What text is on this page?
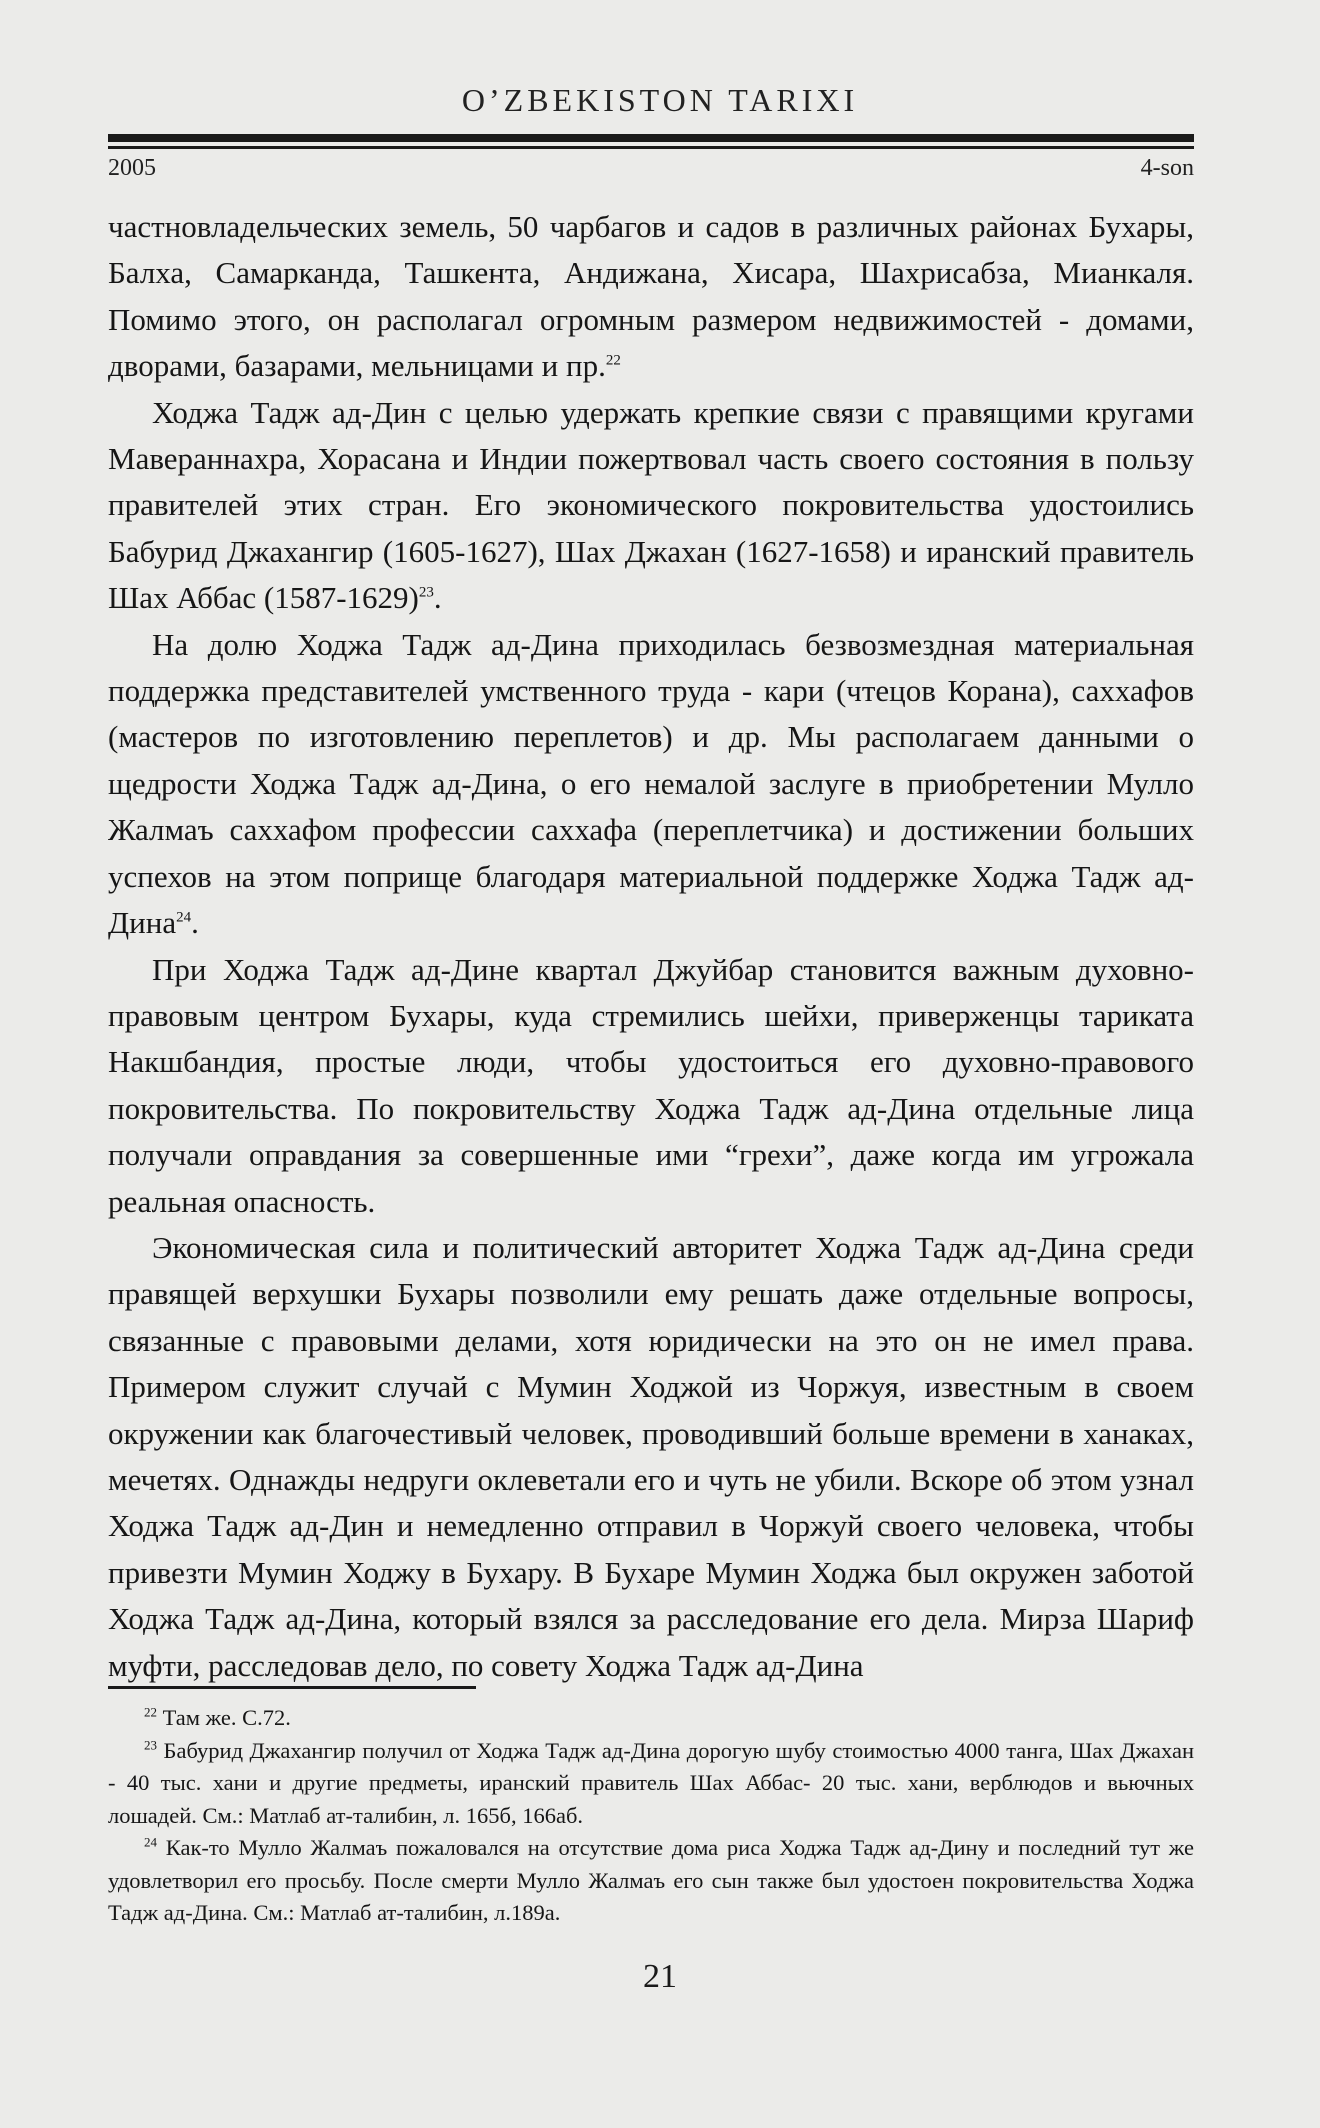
O’ZBEKISTON TARIXI
2005	4-son

частновладельческих земель, 50 чарбагов и садов в различных районах Бухары, Балха, Самарканда, Ташкента, Андижана, Хисара, Шахрисабза, Мианкаля. Помимо этого, он располагал огромным размером недвижимостей - домами, дворами, базарами, мельницами и пр.$^{22}$

Ходжа Тадж ад-Дин с целью удержать крепкие связи с правящими кругами Мавераннахра, Хорасана и Индии пожертвовал часть своего состояния в пользу правителей этих стран. Его экономического покровительства удостоились Бабурид Джахангир (1605-1627), Шах Джахан (1627-1658) и иранский правитель Шах Аббас (1587-1629)$^{23}$.

На долю Ходжа Тадж ад-Дина приходилась безвозмездная материальная поддержка представителей умственного труда - кари (чтецов Корана), саххафов (мастеров по изготовлению переплетов) и др. Мы располагаем данными о щедрости Ходжа Тадж ад-Дина, о его немалой заслуге в приобретении Мулло Жалмаъ саххафом профессии саххафа (переплетчика) и достижении больших успехов на этом поприще благодаря материальной поддержке Ходжа Тадж ад-Дина$^{24}$.

При Ходжа Тадж ад-Дине квартал Джуйбар становится важным духовно-правовым центром Бухары, куда стремились шейхи, приверженцы тариката Накшбандия, простые люди, чтобы удостоиться его духовно-правового покровительства. По покровительству Ходжа Тадж ад-Дина отдельные лица получали оправдания за совершенные ими “грехи”, даже когда им угрожала реальная опасность.

Экономическая сила и политический авторитет Ходжа Тадж ад-Дина среди правящей верхушки Бухары позволили ему решать даже отдельные вопросы, связанные с правовыми делами, хотя юридически на это он не имел права. Примером служит случай с Мумин Ходжой из Чоржуя, известным в своем окружении как благочестивый человек, проводивший больше времени в ханаках, мечетях. Однажды недруги оклеветали его и чуть не убили. Вскоре об этом узнал Ходжа Тадж ад-Дин и немедленно отправил в Чоржуй своего человека, чтобы привезти Мумин Ходжу в Бухару. В Бухаре Мумин Ходжа был окружен заботой Ходжа Тадж ад-Дина, который взялся за расследование его дела. Мирза Шариф муфти, расследовав дело, по совету Ходжа Тадж ад-Дина

$^{22}$ Там же. С.72.

$^{23}$ Бабурид Джахангир получил от Ходжа Тадж ад-Дина дорогую шубу стоимостью 4000 танга, Шах Джахан - 40 тыс. хани и другие предметы, иранский правитель Шах Аббас- 20 тыс. хани, верблюдов и вьючных лошадей. См.: Матлаб ат-талибин, л. 165б, 166аб.

$^{24}$ Как-то Мулло Жалмаъ пожаловался на отсутствие дома риса Ходжа Тадж ад-Дину и последний тут же удовлетворил его просьбу. После смерти Мулло Жалмаъ его сын также был удостоен покровительства Ходжа Тадж ад-Дина. См.: Матлаб ат-талибин, л.189а.

21
